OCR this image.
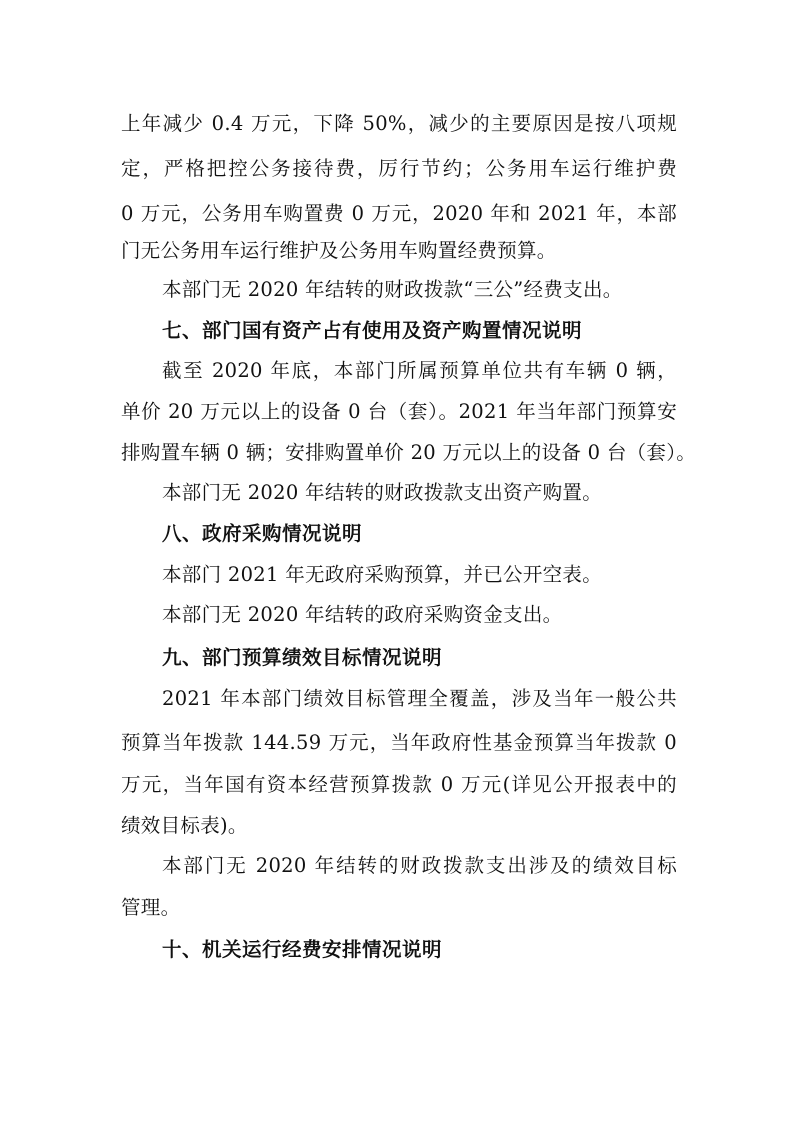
上年减少 0.4 万元，下降 50%，减少的主要原因是按八项规
定，严格把控公务接待费，厉行节约；公务用车运行维护费
0 万元，公务用车购置费 0 万元，2020 年和 2021 年，本部
门无公务用车运行维护及公务用车购置经费预算。
本部门无 2020 年结转的财政拨款“三公”经费支出。
七、部门国有资产占有使用及资产购置情况说明
截至 2020 年底，本部门所属预算单位共有车辆 0 辆，
单价 20 万元以上的设备 0 台（套）。2021 年当年部门预算安
排购置车辆 0 辆；安排购置单价 20 万元以上的设备 0 台（套）。
本部门无 2020 年结转的财政拨款支出资产购置。
八、政府采购情况说明
本部门 2021 年无政府采购预算，并已公开空表。
本部门无 2020 年结转的政府采购资金支出。
九、部门预算绩效目标情况说明
2021 年本部门绩效目标管理全覆盖，涉及当年一般公共
预算当年拨款 144.59 万元，当年政府性基金预算当年拨款 0
万元，当年国有资本经营预算拨款 0 万元(详见公开报表中的
绩效目标表)。
本部门无 2020 年结转的财政拨款支出涉及的绩效目标
管理。
十、机关运行经费安排情况说明
